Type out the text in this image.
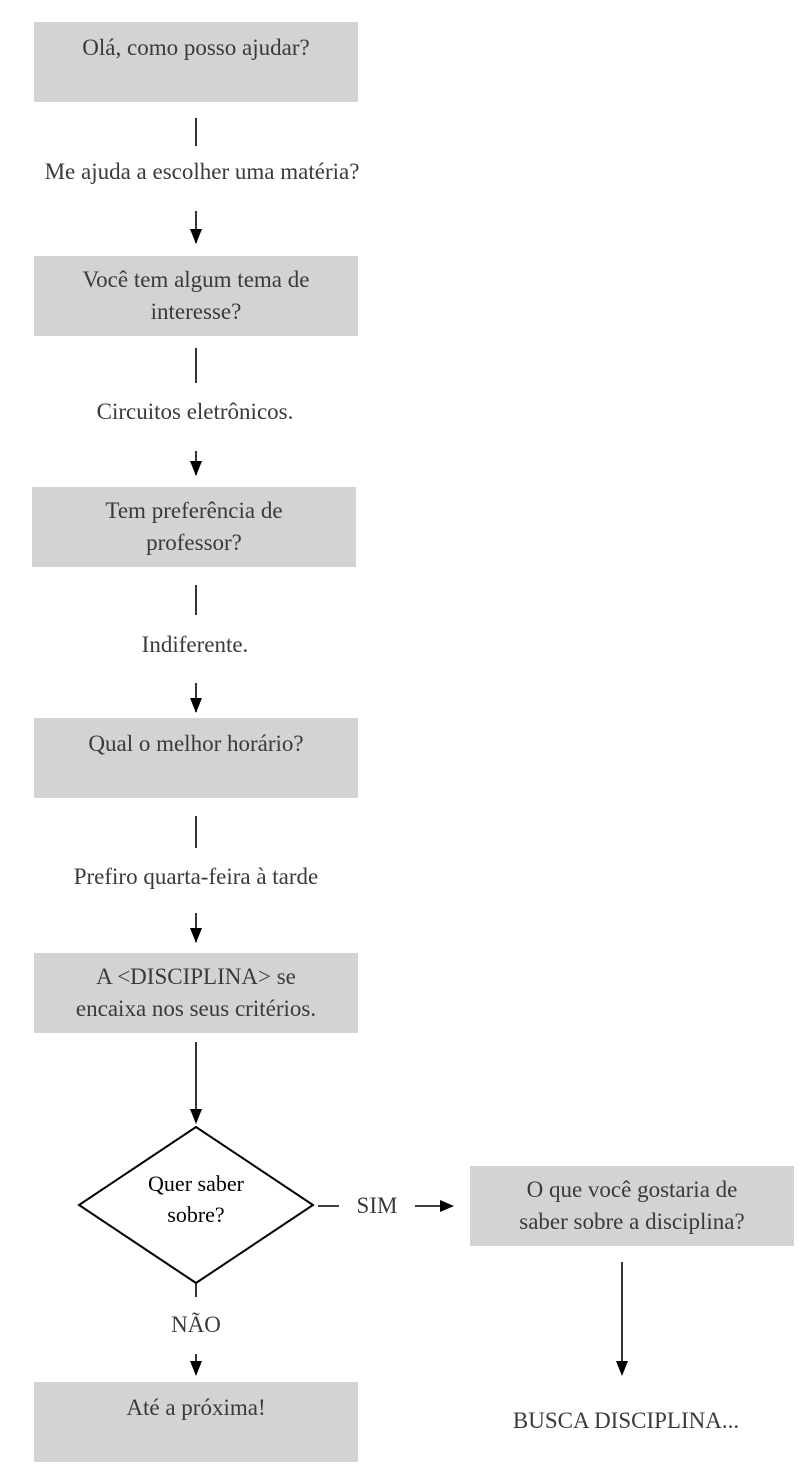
Olá, como posso ajudar?
Me ajuda a escolher uma matéria?
Você tem algum tema de
interesse?
Circuitos eletrônicos.
Tem preferência de
professor?
Indiferente.
Qual o melhor horário?
Prefiro quarta-feira à tarde
A <DISCIPLINA> se
encaixa nos seus critérios.
Quer saber
sobre?	SIM
NÃO
O que você gostaria de
saber sobre a disciplina?
Até a próxima!
BUSCA DISCIPLINA...
